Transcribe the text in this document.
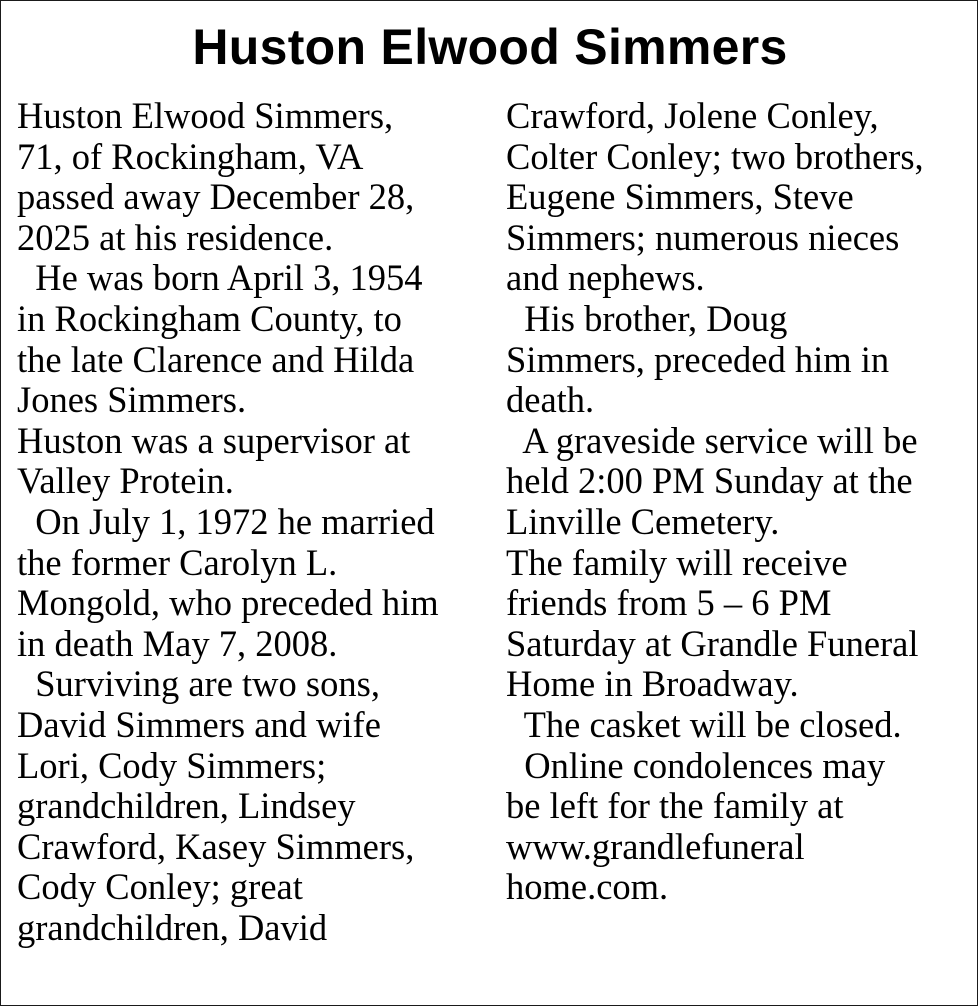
Huston Elwood Simmers
Huston Elwood Simmers,
71, of Rockingham, VA
passed away December 28,
2025 at his residence.
He was born April 3, 1954
in Rockingham County, to
the late Clarence and Hilda
Jones Simmers.
Huston was a supervisor at
Valley Protein.
On July 1, 1972 he married
the former Carolyn L.
Mongold, who preceded him
in death May 7, 2008.
Surviving are two sons,
David Simmers and wife
Lori, Cody Simmers;
grandchildren, Lindsey
Crawford, Kasey Simmers,
Cody Conley; great
grandchildren, David
Crawford, Jolene Conley,
Colter Conley; two brothers,
Eugene Simmers, Steve
Simmers; numerous nieces
and nephews.
His brother, Doug
Simmers, preceded him in
death.
A graveside service will be
held 2:00 PM Sunday at the
Linville Cemetery.
The family will receive
friends from 5 – 6 PM
Saturday at Grandle Funeral
Home in Broadway.
The casket will be closed.
Online condolences may
be left for the family at
www.grandlefuneral
home.com.
